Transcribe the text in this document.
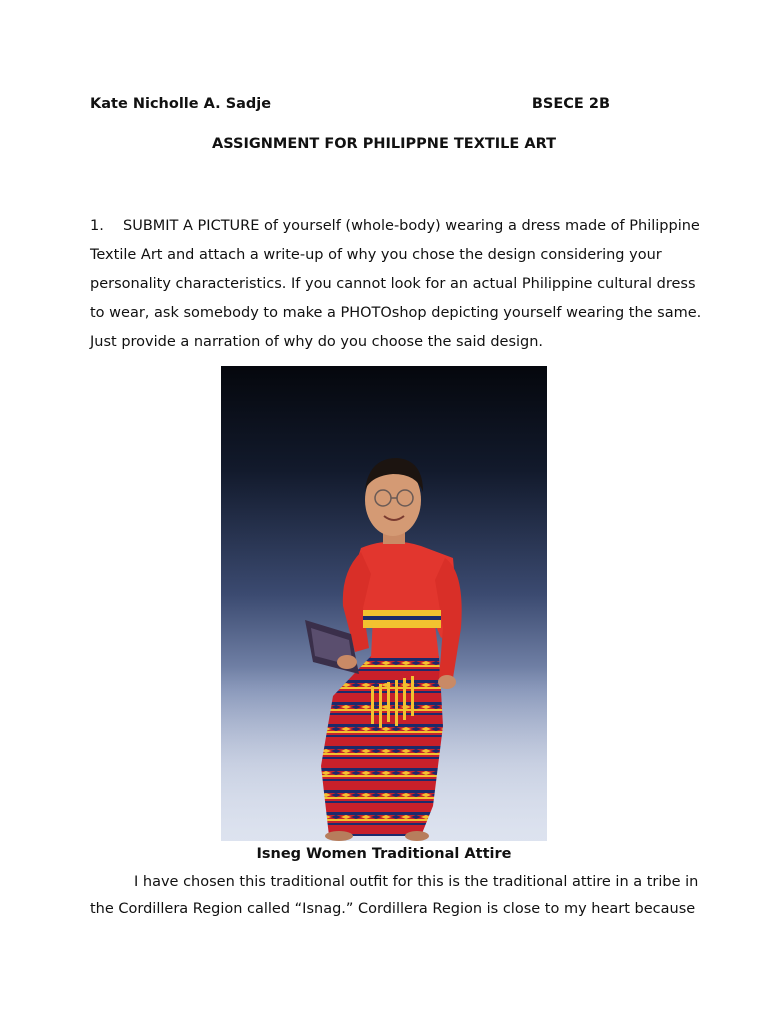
Kate Nicholle A. Sadje	BSECE 2B
ASSIGNMENT FOR PHILIPPNE TEXTILE ART

1. SUBMIT A PICTURE of yourself (whole-body) wearing a dress made of Philippine
Textile Art and attach a write-up of why you chose the design considering your
personality characteristics. If you cannot look for an actual Philippine cultural dress
to wear, ask somebody to make a PHOTOshop depicting yourself wearing the same.
Just provide a narration of why do you choose the said design.

Isneg Women Traditional Attire
I have chosen this traditional outfit for this is the traditional attire in a tribe in
the Cordillera Region called “Isnag.” Cordillera Region is close to my heart because
